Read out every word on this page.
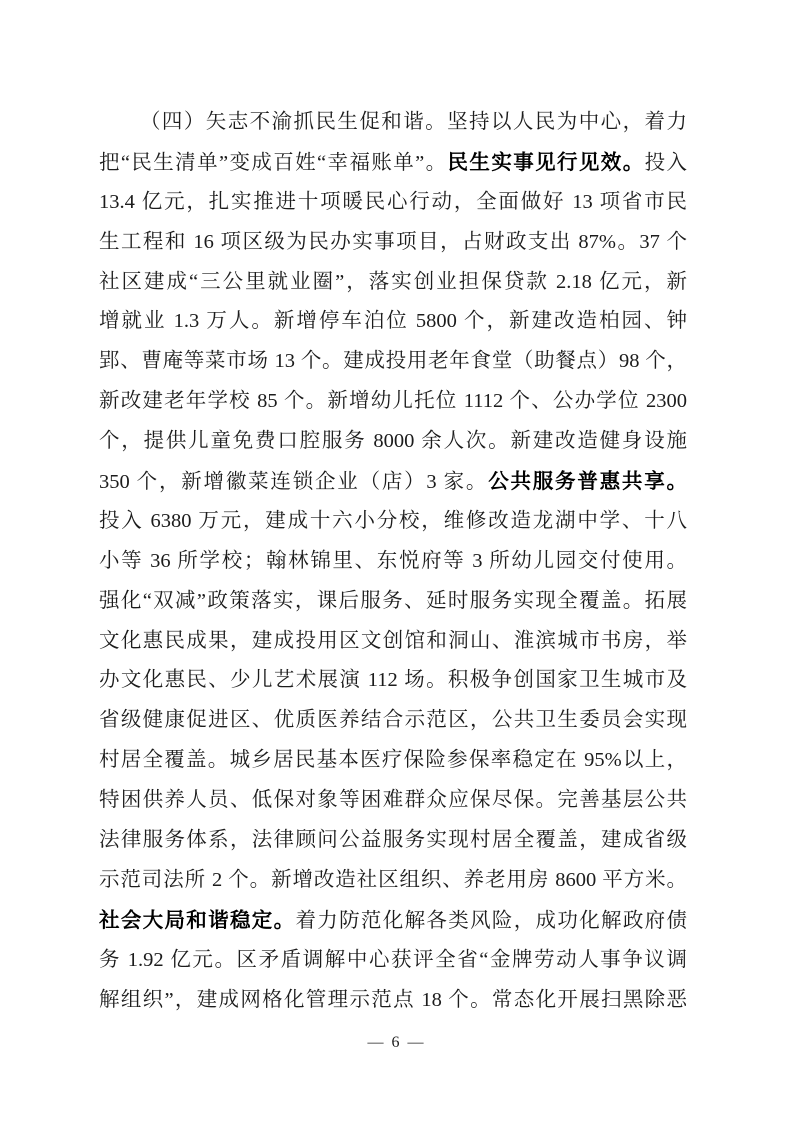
（四）矢志不渝抓民生促和谐。坚持以人民为中心，着力
把“民生清单”变成百姓“幸福账单”。民生实事见行见效。投入
13.4 亿元，扎实推进十项暖民心行动，全面做好 13 项省市民
生工程和 16 项区级为民办实事项目，占财政支出 87%。37 个
社区建成“三公里就业圈”，落实创业担保贷款 2.18 亿元，新
增就业 1.3 万人。新增停车泊位 5800 个，新建改造柏园、钟
郢、曹庵等菜市场 13 个。建成投用老年食堂（助餐点）98 个，
新改建老年学校 85 个。新增幼儿托位 1112 个、公办学位 2300
个，提供儿童免费口腔服务 8000 余人次。新建改造健身设施
350 个，新增徽菜连锁企业（店）3 家。公共服务普惠共享。
投入 6380 万元，建成十六小分校，维修改造龙湖中学、十八
小等 36 所学校；翰林锦里、东悦府等 3 所幼儿园交付使用。
强化“双减”政策落实，课后服务、延时服务实现全覆盖。拓展
文化惠民成果，建成投用区文创馆和洞山、淮滨城市书房，举
办文化惠民、少儿艺术展演 112 场。积极争创国家卫生城市及
省级健康促进区、优质医养结合示范区，公共卫生委员会实现
村居全覆盖。城乡居民基本医疗保险参保率稳定在 95%以上，
特困供养人员、低保对象等困难群众应保尽保。完善基层公共
法律服务体系，法律顾问公益服务实现村居全覆盖，建成省级
示范司法所 2 个。新增改造社区组织、养老用房 8600 平方米。
社会大局和谐稳定。着力防范化解各类风险，成功化解政府债
务 1.92 亿元。区矛盾调解中心获评全省“金牌劳动人事争议调
解组织”，建成网格化管理示范点 18 个。常态化开展扫黑除恶
— 6 —
